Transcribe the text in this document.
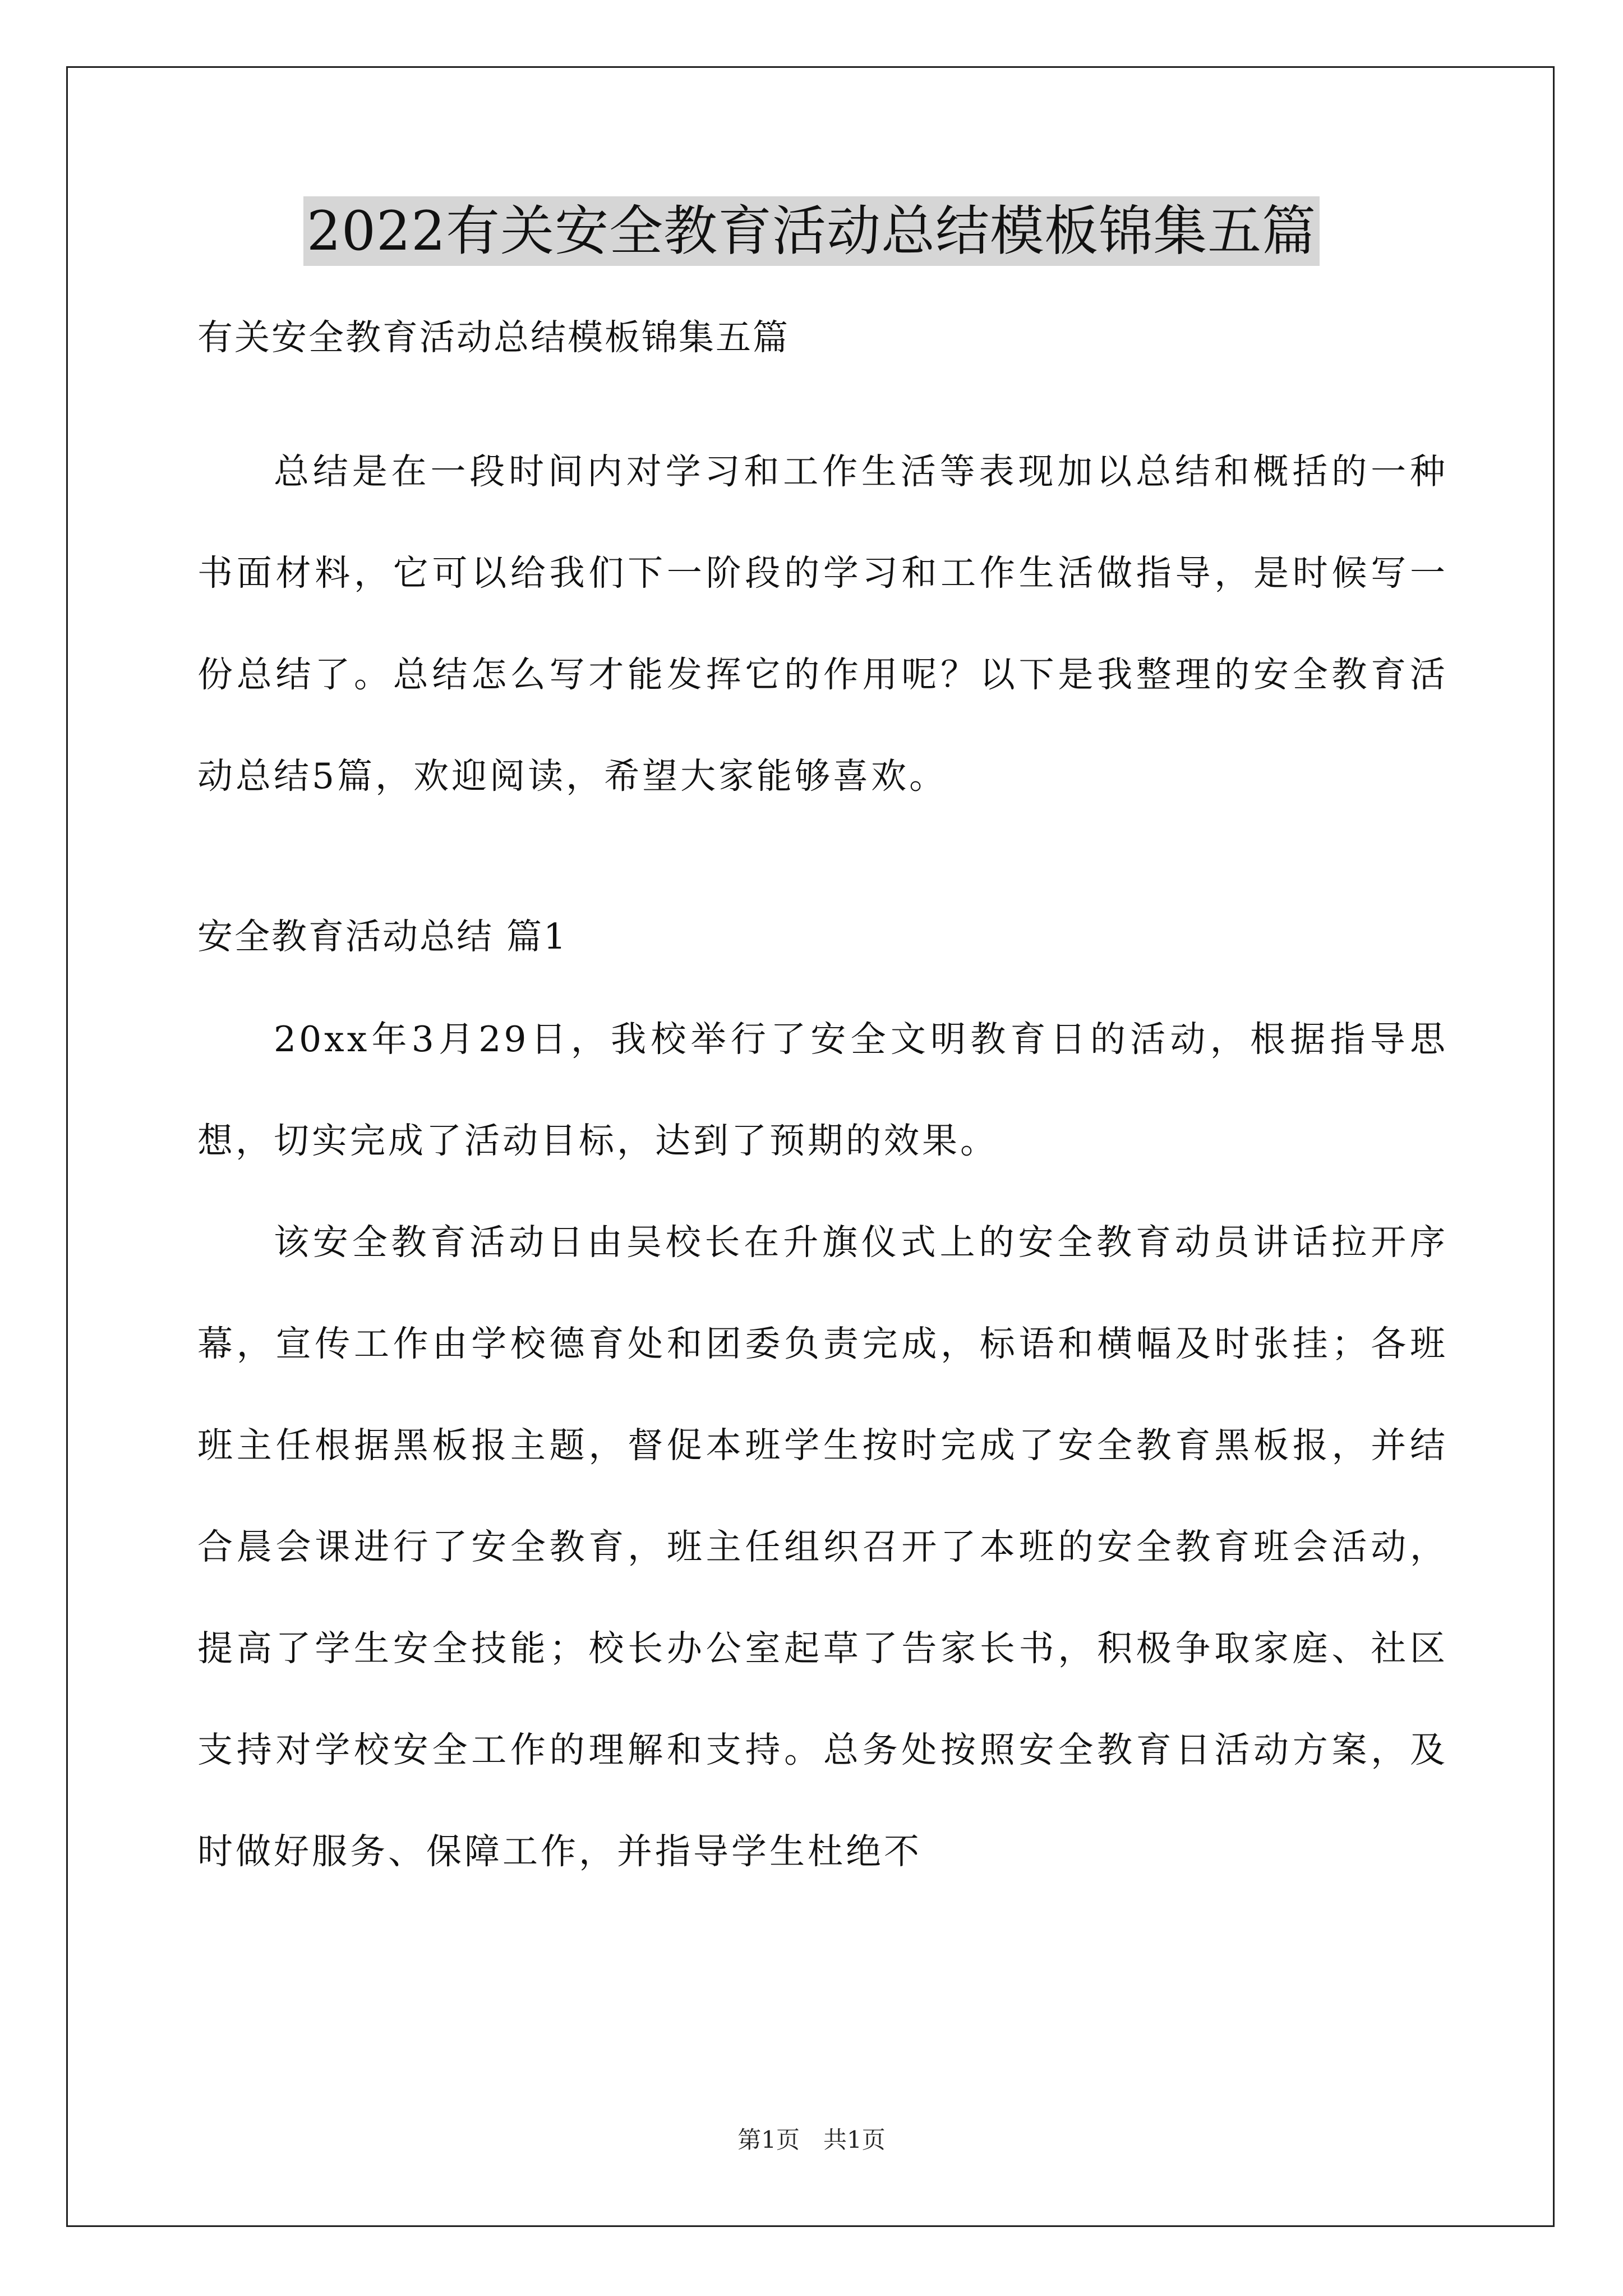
2022有关安全教育活动总结模板锦集五篇

有关安全教育活动总结模板锦集五篇

总结是在一段时间内对学习和工作生活等表现加以总结和概括的一种书面材料，它可以给我们下一阶段的学习和工作生活做指导，是时候写一份总结了。总结怎么写才能发挥它的作用呢？以下是我整理的安全教育活动总结5篇，欢迎阅读，希望大家能够喜欢。

安全教育活动总结 篇1

20xx年3月29日，我校举行了安全文明教育日的活动，根据指导思想，切实完成了活动目标，达到了预期的效果。

该安全教育活动日由吴校长在升旗仪式上的安全教育动员讲话拉开序幕，宣传工作由学校德育处和团委负责完成，标语和横幅及时张挂；各班班主任根据黑板报主题，督促本班学生按时完成了安全教育黑板报，并结合晨会课进行了安全教育，班主任组织召开了本班的安全教育班会活动，提高了学生安全技能；校长办公室起草了告家长书，积极争取家庭、社区支持对学校安全工作的理解和支持。总务处按照安全教育日活动方案，及时做好服务、保障工作，并指导学生杜绝不

第1页　共1页
